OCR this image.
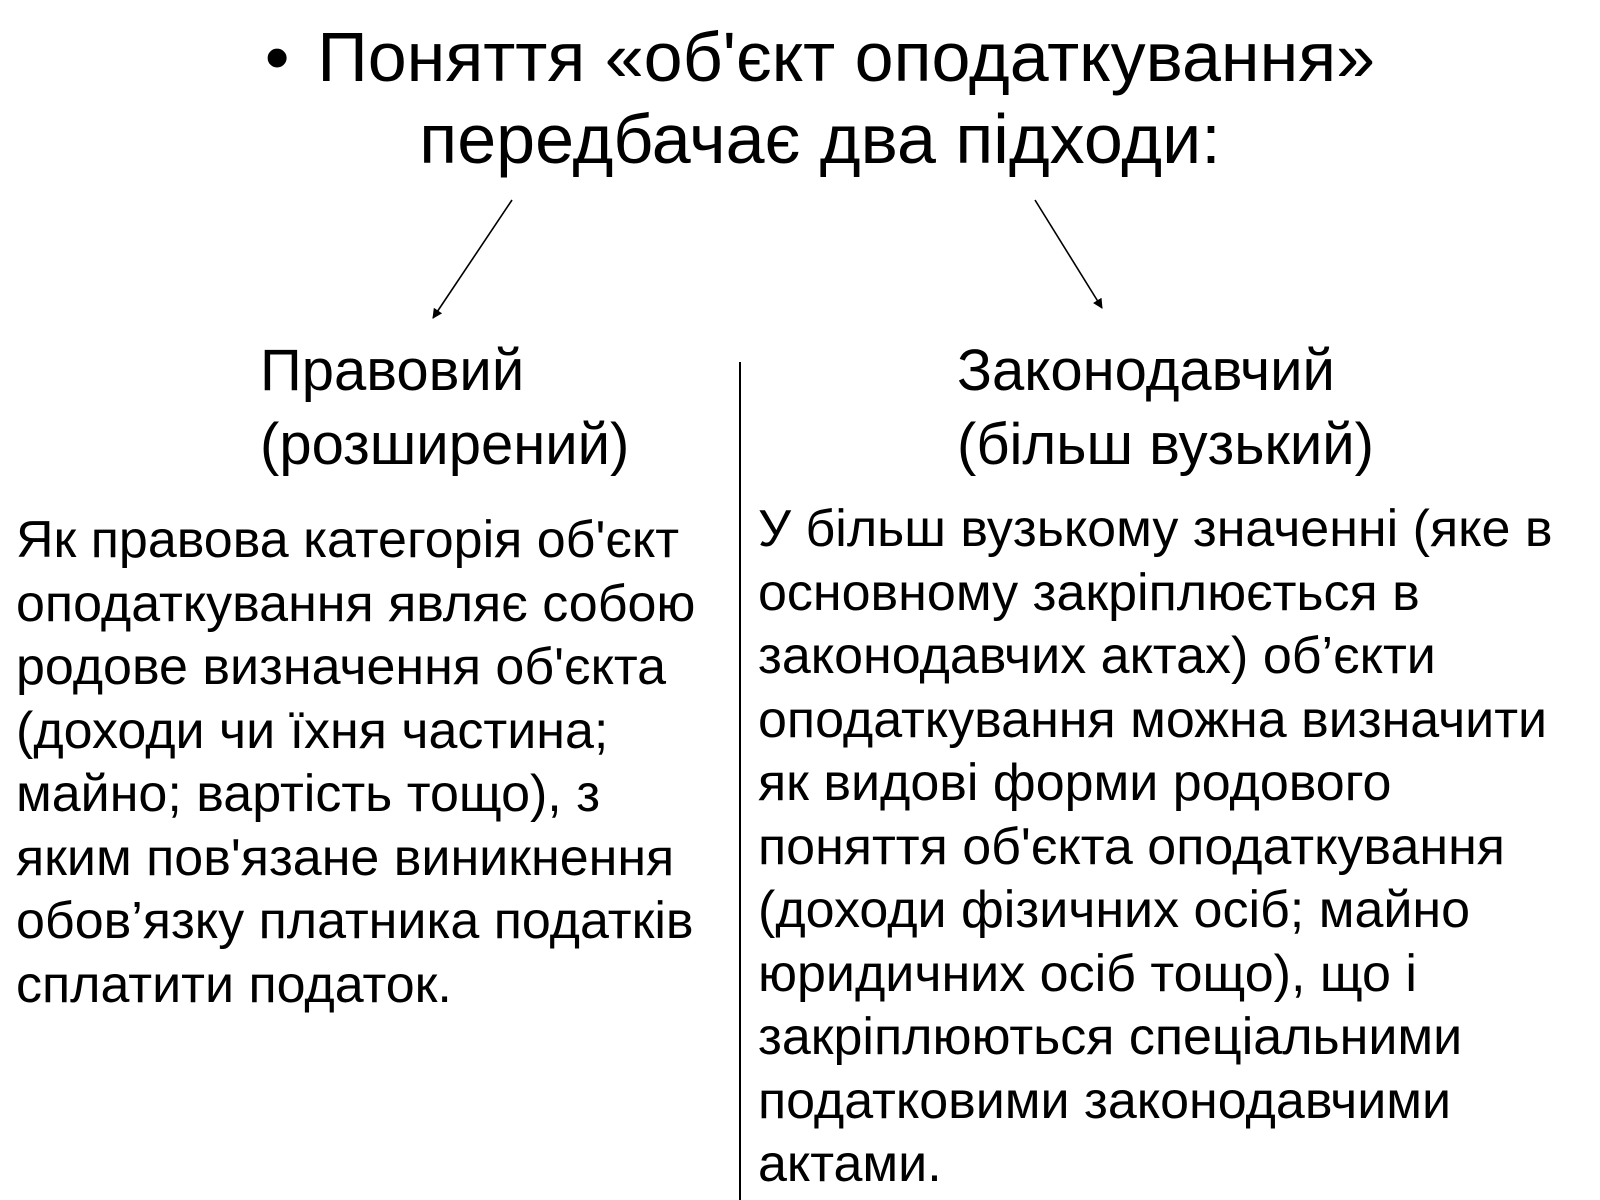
• Поняття «об'єкт оподаткування»
передбачає два підходи:
Правовий
(розширений)
Законодавчий
(більш вузький)
Як правова категорія об'єкт
оподаткування являє собою
родове визначення об'єкта
(доходи чи їхня частина;
майно; вартість тощо), з
яким пов'язане виникнення
обов’язку платника податків
сплатити податок.
У більш вузькому значенні (яке в
основному закріплюється в
законодавчих актах) об’єкти
оподаткування можна визначити
як видові форми родового
поняття об'єкта оподаткування
(доходи фізичних осіб; майно
юридичних осіб тощо), що і
закріплюються спеціальними
податковими законодавчими
актами.
